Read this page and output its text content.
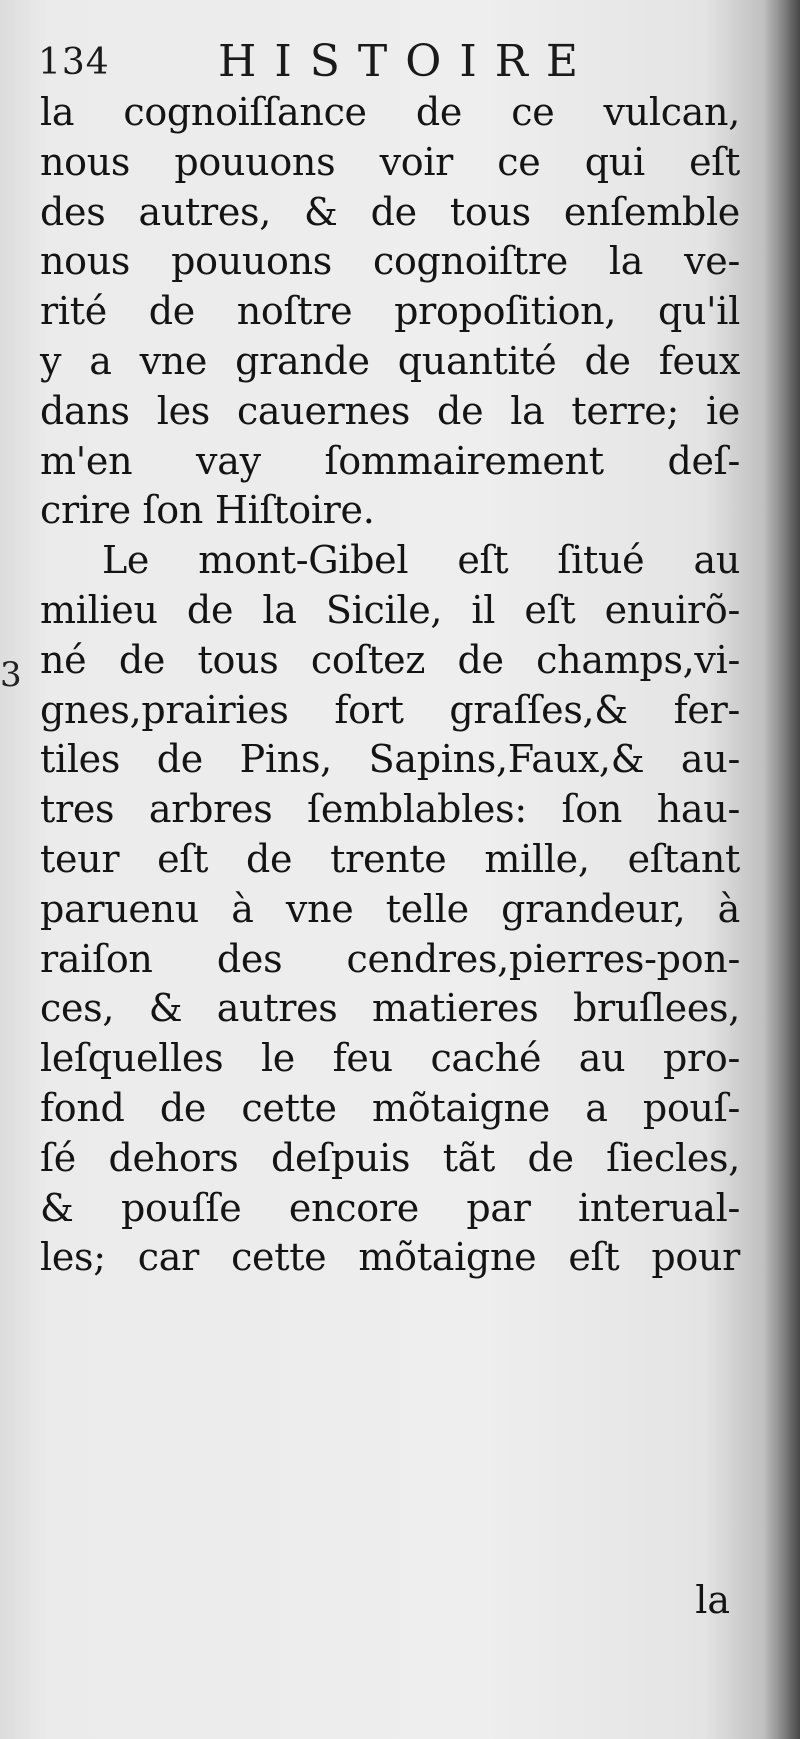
134 HISTOIRE
3
la cognoiſſance de ce vulcan,
nous pouuons voir ce qui eſt
des autres, & de tous enſemble
nous pouuons cognoiſtre la ve-
rité de noſtre propoſition, qu'il
y a vne grande quantité de feux
dans les cauernes de la terre; ie
m'en vay ſommairement deſ-
crire ſon Hiſtoire.
Le mont-Gibel eſt ſitué au
milieu de la Sicile, il eſt enuirõ-
né de tous coſtez de champs,vi-
gnes,prairies fort graſſes,& fer-
tiles de Pins, Sapins,Faux,& au-
tres arbres ſemblables: ſon hau-
teur eſt de trente mille, eſtant
paruenu à vne telle grandeur, à
raiſon des cendres,pierres-pon-
ces, & autres matieres bruſlees,
leſquelles le feu caché au pro-
fond de cette mõtaigne a pouſ-
ſé dehors deſpuis tãt de ſiecles,
& pouſſe encore par interual-
les; car cette mõtaigne eſt pour
la
